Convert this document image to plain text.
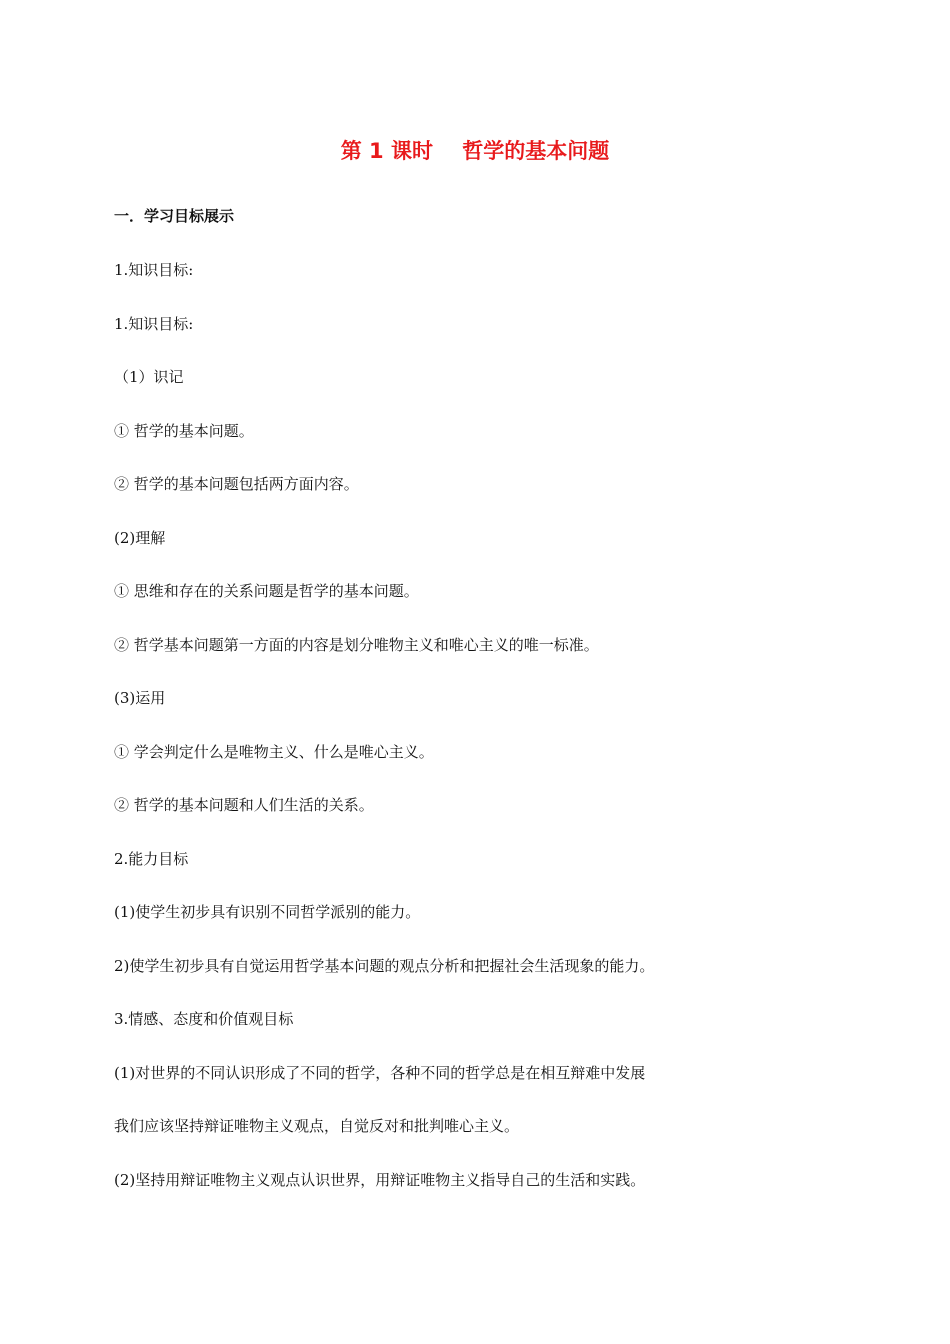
第 1 课时    哲学的基本问题
一．学习目标展示
1.知识目标:
1.知识目标:
（1）识记
① 哲学的基本问题。
② 哲学的基本问题包括两方面内容。
(2)理解
① 思维和存在的关系问题是哲学的基本问题。
② 哲学基本问题第一方面的内容是划分唯物主义和唯心主义的唯一标准。
(3)运用
① 学会判定什么是唯物主义、什么是唯心主义。
② 哲学的基本问题和人们生活的关系。
2.能力目标
(1)使学生初步具有识别不同哲学派别的能力。
2)使学生初步具有自觉运用哲学基本问题的观点分析和把握社会生活现象的能力。
3.情感、态度和价值观目标
(1)对世界的不同认识形成了不同的哲学，各种不同的哲学总是在相互辩难中发展
我们应该坚持辩证唯物主义观点，自觉反对和批判唯心主义。
(2)坚持用辩证唯物主义观点认识世界，用辩证唯物主义指导自己的生活和实践。
